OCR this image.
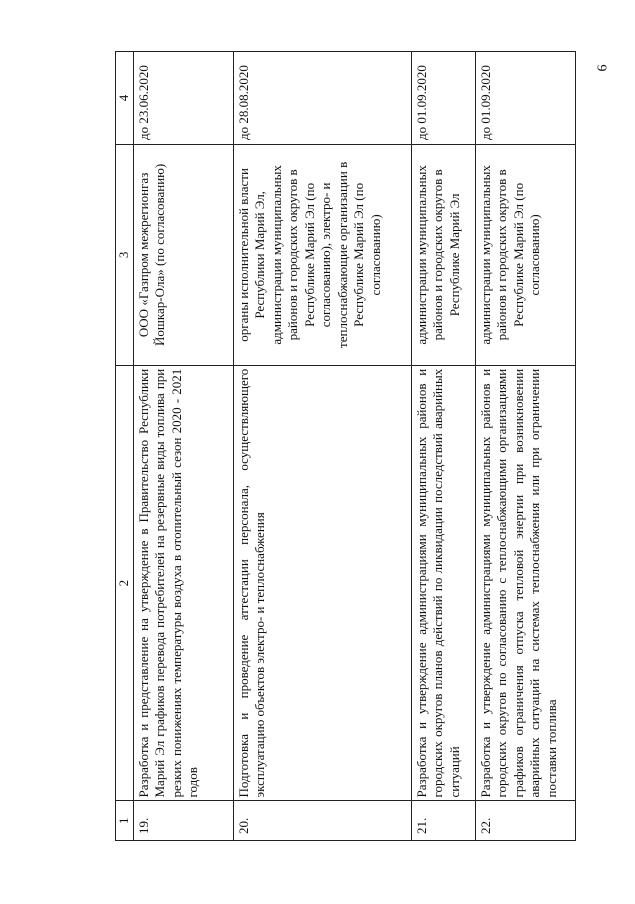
6
1	2	3	4
19.	Разработка и представление на утверждение в Правительство Республики Марий Эл графиков перевода потребителей на резервные виды топлива при резких понижениях температуры воздуха в отопительный сезон 2020 - 2021 годов	ООО «Газпром межрегионгаз Йошкар-Ола» (по согласованию)	до 23.06.2020
20.	Подготовка и проведение аттестации персонала, осуществляющего эксплуатацию объектов электро- и теплоснабжения	органы исполнительной власти Республики Марий Эл, администрации муниципальных районов и городских округов в Республике Марий Эл (по согласованию), электро- и теплоснабжающие организации в Республике Марий Эл (по согласованию)	до 28.08.2020
21.	Разработка и утверждение администрациями муниципальных районов и городских округов планов действий по ликвидации последствий аварийных ситуаций	администрации муниципальных районов и городских округов в Республике Марий Эл	до 01.09.2020
22.	Разработка и утверждение администрациями муниципальных районов и городских округов по согласованию с теплоснабжающими организациями графиков ограничения отпуска тепловой энергии при возникновении аварийных ситуаций на системах теплоснабжения или при ограничении поставки топлива	администрации муниципальных районов и городских округов в Республике Марий Эл (по согласованию)	до 01.09.2020
